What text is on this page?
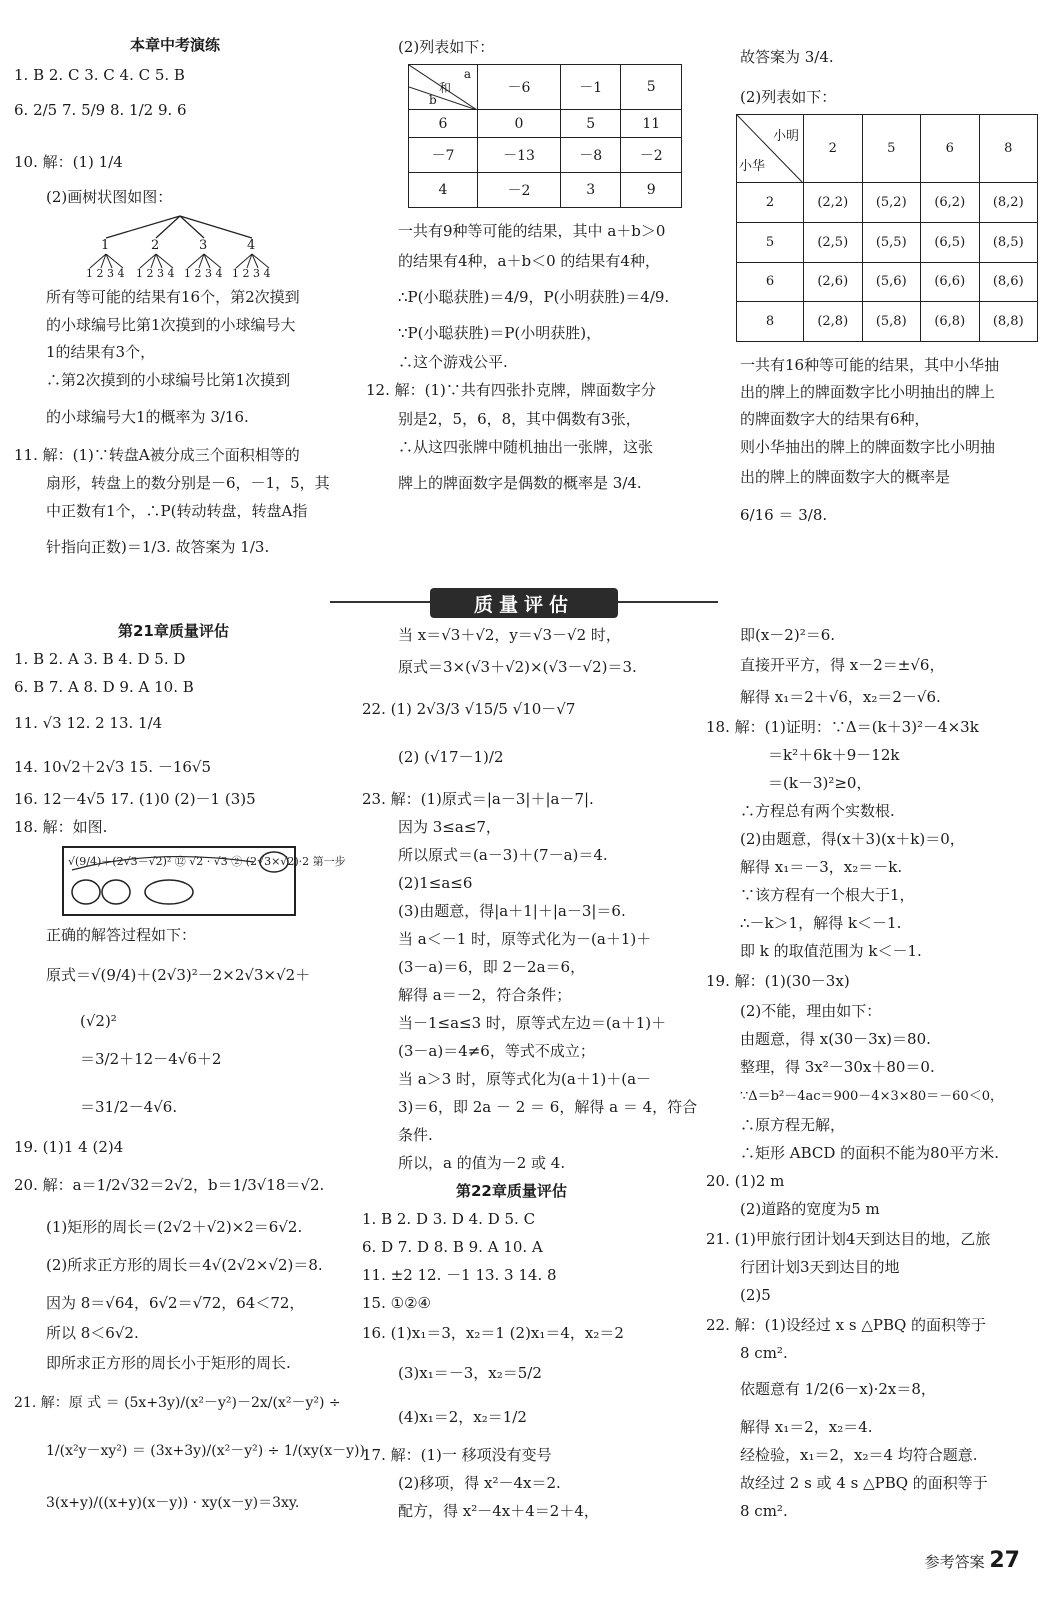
本章中考演练
1. B 2. C 3. C 4. C 5. B
6. 2/5 7. 5/9 8. 1/2 9. 6
10. 解：(1) 1/4
(2)画树状图如图：
1	2	3	4
1 2 3 4 1 2 3 4 1 2 3 4 1 2 3 4
所有等可能的结果有16个，第2次摸到
的小球编号比第1次摸到的小球编号大
1的结果有3个，
∴第2次摸到的小球编号比第1次摸到
的小球编号大1的概率为 3/16.
11. 解：(1)∵转盘A被分成三个面积相等的
扇形，转盘上的数分别是－6，－1，5，其
中正数有1个，∴P(转动转盘，转盘A指
针指向正数)＝1/3. 故答案为 1/3.
(2)列表如下：
a
和
b	－6	－1	5
6	0	5	11
－7	－13	－8	－2
4	－2	3	9
一共有9种等可能的结果，其中 a＋b＞0
的结果有4种，a＋b＜0 的结果有4种，
∴P(小聪获胜)＝4/9，P(小明获胜)＝4/9.
∵P(小聪获胜)＝P(小明获胜)，
∴这个游戏公平.
12. 解：(1)∵共有四张扑克牌，牌面数字分
别是2，5，6，8，其中偶数有3张，
∴从这四张牌中随机抽出一张牌，这张
牌上的牌面数字是偶数的概率是 3/4.
故答案为 3/4.
(2)列表如下：
小明
小华	2	5	6	8
2	(2,2)	(5,2)	(6,2)	(8,2)
5	(2,5)	(5,5)	(6,5)	(8,5)
6	(2,6)	(5,6)	(6,6)	(8,6)
8	(2,8)	(5,8)	(6,8)	(8,8)
一共有16种等可能的结果，其中小华抽
出的牌上的牌面数字比小明抽出的牌上
的牌面数字大的结果有6种，
则小华抽出的牌上的牌面数字比小明抽
出的牌上的牌面数字大的概率是
6/16 ＝ 3/8.
质量评估
第21章质量评估
1. B 2. A 3. B 4. D 5. D
6. B 7. A 8. D 9. A 10. B
11. √3 12. 2 13. 1/4
14. 10√2＋2√3 15. －16√5
16. 12－4√5 17. (1)0 (2)－1 (3)5
18. 解：如图.
√(9/4)＋(2√3－√2)² ⑫ √2 · √3 ② (2√3×√2)·2 第一步
正确的解答过程如下：
原式＝√(9/4)＋(2√3)²－2×2√3×√2＋
(√2)²
＝3/2＋12－4√6＋2
＝31/2－4√6.
19. (1)1 4 (2)4
20. 解：a＝1/2√32＝2√2，b＝1/3√18＝√2.
(1)矩形的周长＝(2√2＋√2)×2＝6√2.
(2)所求正方形的周长＝4√(2√2×√2)＝8.
因为 8＝√64，6√2＝√72，64＜72，
所以 8＜6√2.
即所求正方形的周长小于矩形的周长.
21. 解：原 式 ＝ (5x+3y)/(x²－y²)－2x/(x²－y²) ÷
1/(x²y－xy²) ＝ (3x+3y)/(x²－y²) ÷ 1/(xy(x－y))
3(x+y)/((x+y)(x－y)) · xy(x－y)＝3xy.
当 x＝√3＋√2，y＝√3－√2 时，
原式＝3×(√3＋√2)×(√3－√2)＝3.
22. (1) 2√3/3 √15/5 √10－√7
(2) (√17－1)/2
23. 解：(1)原式＝|a－3|＋|a－7|.
因为 3≤a≤7，
所以原式＝(a－3)＋(7－a)＝4.
(2)1≤a≤6
(3)由题意，得|a＋1|＋|a－3|＝6.
当 a＜－1 时，原等式化为－(a＋1)＋
(3－a)＝6，即 2－2a＝6，
解得 a＝－2，符合条件；
当－1≤a≤3 时，原等式左边＝(a＋1)＋
(3－a)＝4≠6，等式不成立；
当 a＞3 时，原等式化为(a＋1)＋(a－
3)＝6，即 2a － 2 ＝ 6，解得 a ＝ 4，符合
条件.
所以，a 的值为－2 或 4.
第22章质量评估
1. B 2. D 3. D 4. D 5. C
6. D 7. D 8. B 9. A 10. A
11. ±2 12. －1 13. 3 14. 8
15. ①②④
16. (1)x₁＝3，x₂＝1 (2)x₁＝4，x₂＝2
(3)x₁＝－3，x₂＝5/2
(4)x₁＝2，x₂＝1/2
17. 解：(1)一 移项没有变号
(2)移项，得 x²－4x＝2.
配方，得 x²－4x＋4＝2＋4，
即(x－2)²＝6.
直接开平方，得 x－2＝±√6，
解得 x₁＝2＋√6，x₂＝2－√6.
18. 解：(1)证明：∵Δ＝(k＋3)²－4×3k
＝k²＋6k＋9－12k
＝(k－3)²≥0，
∴方程总有两个实数根.
(2)由题意，得(x＋3)(x＋k)＝0，
解得 x₁＝－3，x₂＝－k.
∵该方程有一个根大于1，
∴－k＞1，解得 k＜－1.
即 k 的取值范围为 k＜－1.
19. 解：(1)(30－3x)
(2)不能，理由如下：
由题意，得 x(30－3x)＝80.
整理，得 3x²－30x＋80＝0.
∵Δ＝b²－4ac＝900－4×3×80＝－60＜0，
∴原方程无解，
∴矩形 ABCD 的面积不能为80平方米.
20. (1)2 m
(2)道路的宽度为5 m
21. (1)甲旅行团计划4天到达目的地，乙旅
行团计划3天到达目的地
(2)5
22. 解：(1)设经过 x s △PBQ 的面积等于
8 cm².
依题意有 1/2(6－x)·2x＝8，
解得 x₁＝2，x₂＝4.
经检验，x₁＝2，x₂＝4 均符合题意.
故经过 2 s 或 4 s △PBQ 的面积等于
8 cm².
参考答案 27
